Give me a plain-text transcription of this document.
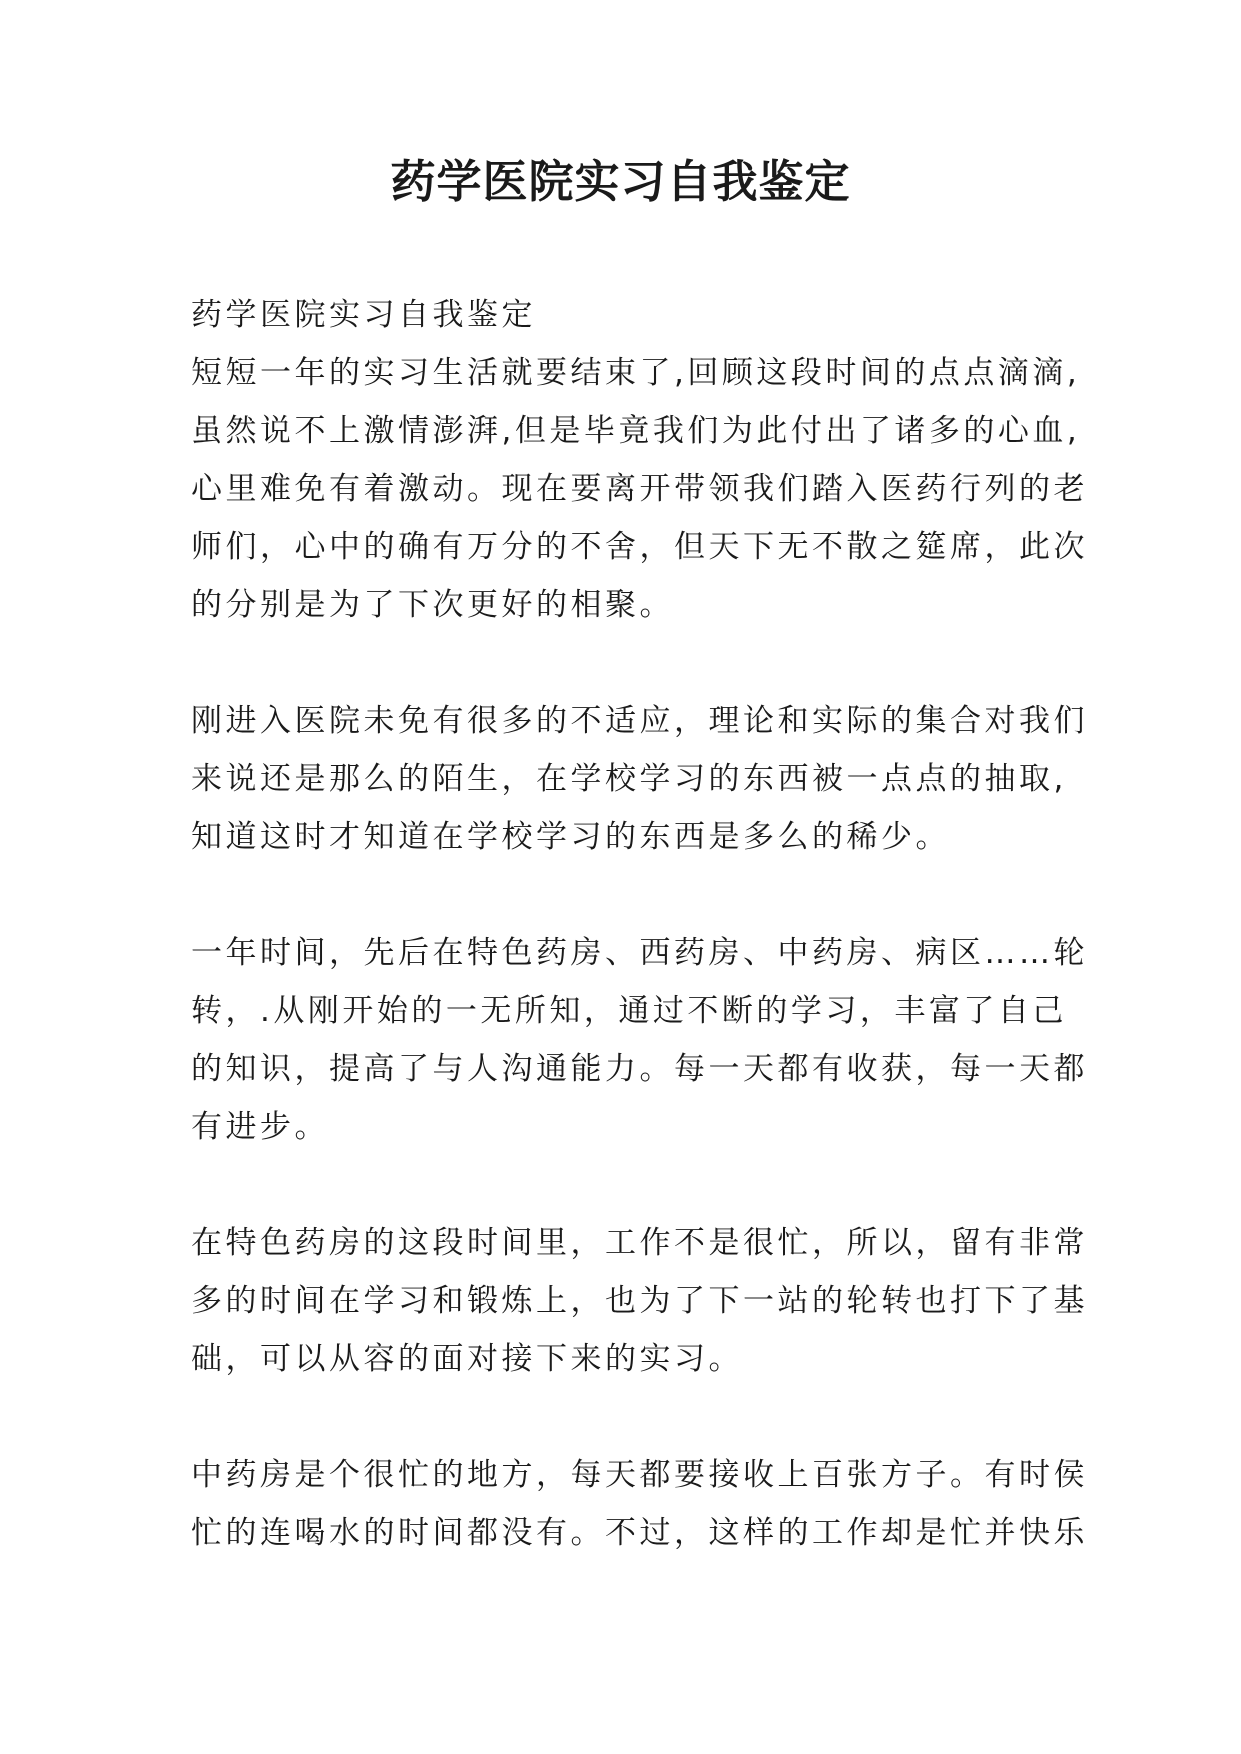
药学医院实习自我鉴定

药学医院实习自我鉴定
短短一年的实习生活就要结束了,回顾这段时间的点点滴滴,
虽然说不上激情澎湃,但是毕竟我们为此付出了诸多的心血,
心里难免有着激动。现在要离开带领我们踏入医药行列的老
师们，心中的确有万分的不舍，但天下无不散之筵席，此次
的分别是为了下次更好的相聚。

刚进入医院未免有很多的不适应，理论和实际的集合对我们
来说还是那么的陌生，在学校学习的东西被一点点的抽取,
知道这时才知道在学校学习的东西是多么的稀少。

一年时间，先后在特色药房、西药房、中药房、病区……轮
转，.从刚开始的一无所知，通过不断的学习，丰富了自己
的知识，提高了与人沟通能力。每一天都有收获，每一天都
有进步。

在特色药房的这段时间里，工作不是很忙，所以，留有非常
多的时间在学习和锻炼上，也为了下一站的轮转也打下了基
础，可以从容的面对接下来的实习。

中药房是个很忙的地方，每天都要接收上百张方子。有时侯
忙的连喝水的时间都没有。不过，这样的工作却是忙并快乐
